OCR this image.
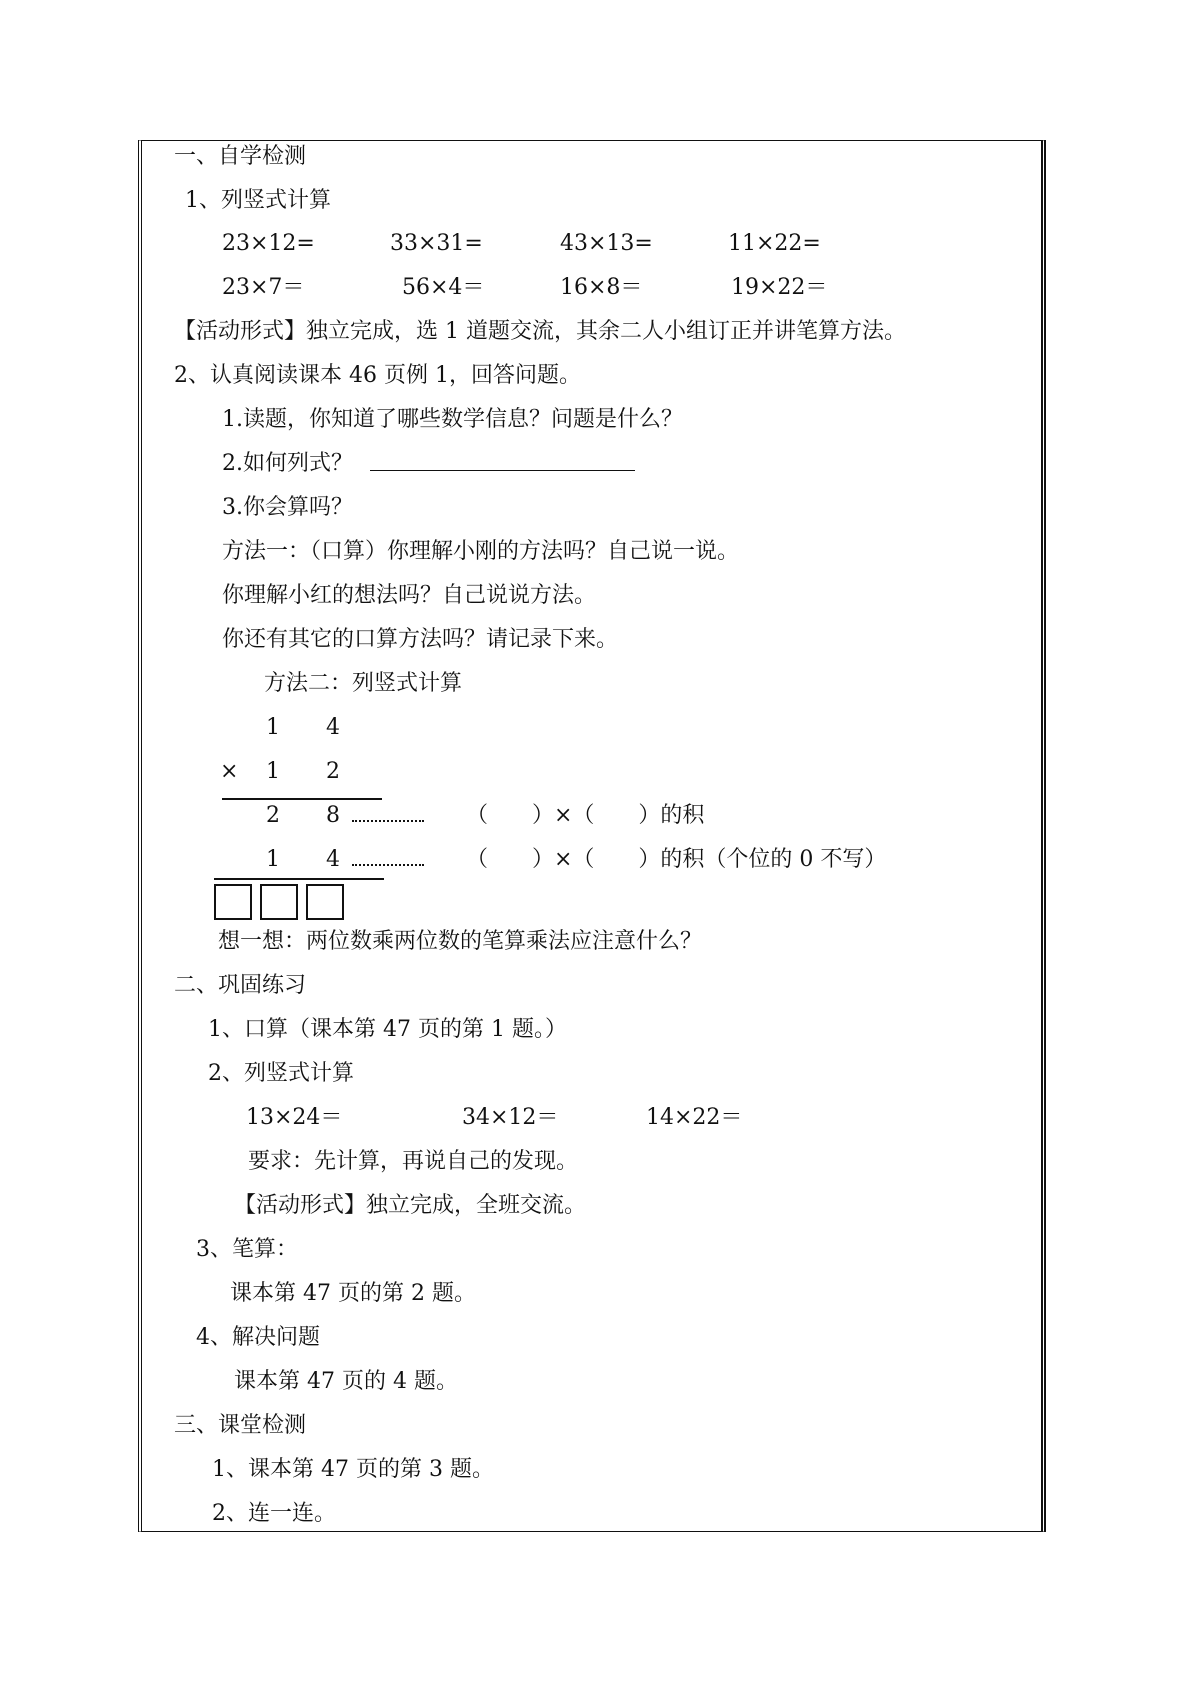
一、自学检测
1、列竖式计算
23×12=	33×31=	43×13=	11×22=
23×7＝	56×4＝	16×8＝	19×22＝
【活动形式】独立完成，选 1 道题交流，其余二人小组订正并讲笔算方法。
2、认真阅读课本 46 页例 1，回答问题。
1.读题，你知道了哪些数学信息？问题是什么？
2.如何列式？
3.你会算吗？
方法一：（口算）你理解小刚的方法吗？自己说一说。
你理解小红的想法吗？自己说说方法。
你还有其它的口算方法吗？请记录下来。
方法二：列竖式计算
1 4
× 1 2
2 8	（　　）×（　　）的积
1 4	（　　）×（　　）的积（个位的 0 不写）
想一想：两位数乘两位数的笔算乘法应注意什么？
二、巩固练习
1、口算（课本第 47 页的第 1 题。）
2、列竖式计算
13×24＝	34×12＝	14×22＝
要求：先计算，再说自己的发现。
【活动形式】独立完成，全班交流。
3、笔算：
课本第 47 页的第 2 题。
4、解决问题
课本第 47 页的 4 题。
三、课堂检测
1、课本第 47 页的第 3 题。
2、连一连。
